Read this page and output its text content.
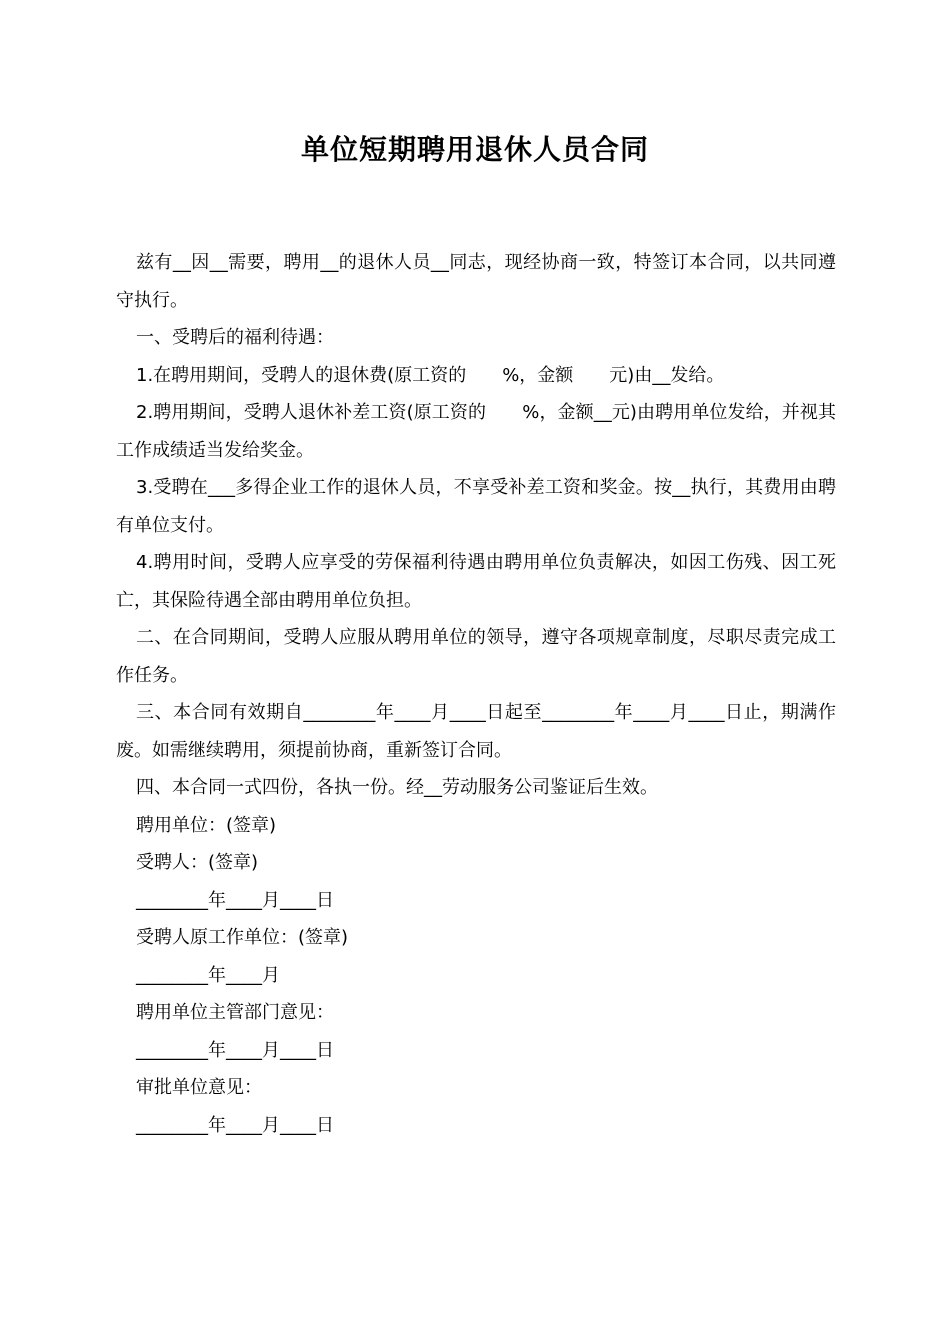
单位短期聘用退休人员合同

兹有__因__需要，聘用__的退休人员__同志，现经协商一致，特签订本合同，以共同遵守执行。

一、受聘后的福利待遇：

1.在聘用期间，受聘人的退休费(原工资的　　%，金额　　元)由__发给。

2.聘用期间，受聘人退休补差工资(原工资的　　%，金额__元)由聘用单位发给，并视其工作成绩适当发给奖金。

3.受聘在___多得企业工作的退休人员，不享受补差工资和奖金。按__执行，其费用由聘有单位支付。

4.聘用时间，受聘人应享受的劳保福利待遇由聘用单位负责解决，如因工伤残、因工死亡，其保险待遇全部由聘用单位负担。

二、在合同期间，受聘人应服从聘用单位的领导，遵守各项规章制度，尽职尽责完成工作任务。

三、本合同有效期自________年____月____日起至________年____月____日止，期满作废。如需继续聘用，须提前协商，重新签订合同。

四、本合同一式四份，各执一份。经__劳动服务公司鉴证后生效。

聘用单位：(签章)

受聘人：(签章)

________年____月____日

受聘人原工作单位：(签章)

________年____月

聘用单位主管部门意见：

________年____月____日

审批单位意见：

________年____月____日
